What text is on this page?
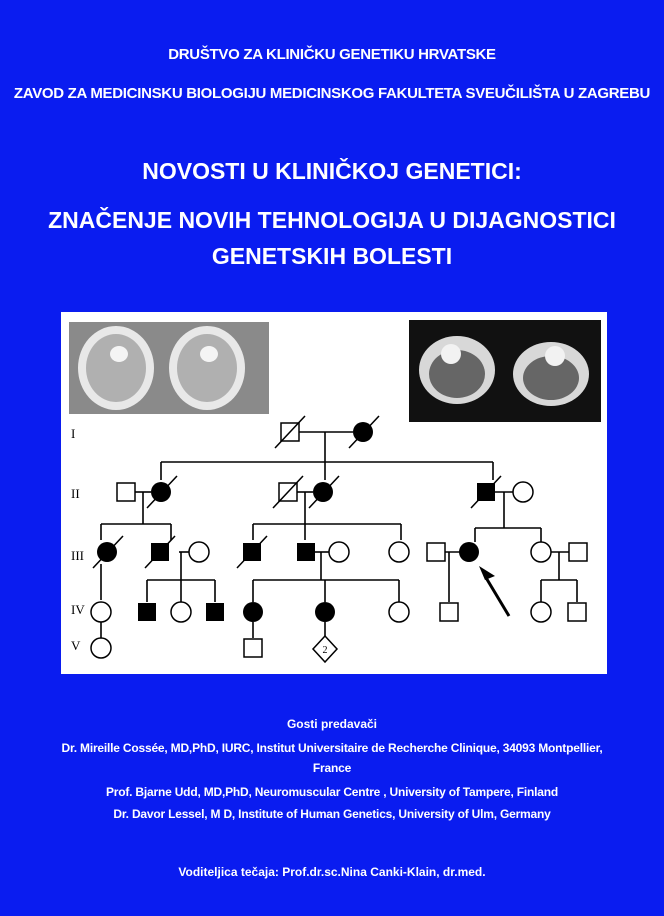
DRUŠTVO ZA KLINIČKU GENETIKU HRVATSKE
ZAVOD ZA MEDICINSKU BIOLOGIJU MEDICINSKOG FAKULTETA SVEUČILIŠTA U ZAGREBU
NOVOSTI U KLINIČKOJ GENETICI:
ZNAČENJE NOVIH TEHNOLOGIJA U DIJAGNOSTICI GENETSKIH BOLESTI
I
II
III
IV
V	2
Gosti predavači
Dr. Mireille Cossée, MD,PhD, IURC, Institut Universitaire de Recherche Clinique, 34093 Montpellier, France
Prof. Bjarne Udd, MD,PhD, Neuromuscular Centre , University of Tampere, Finland
Dr. Davor Lessel, M D, Institute of Human Genetics, University of Ulm, Germany
Voditeljica tečaja: Prof.dr.sc.Nina Canki-Klain, dr.med.
